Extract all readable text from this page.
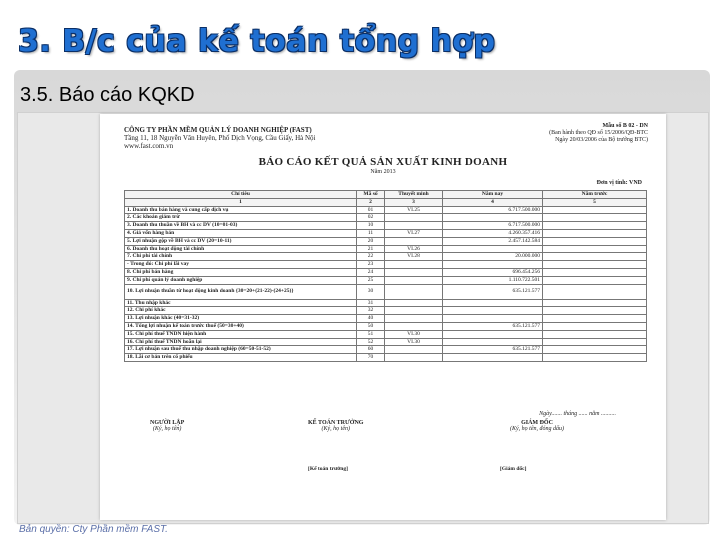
3. B/c của kế toán tổng hợp
3.5. Báo cáo KQKD
CÔNG TY PHẦN MỀM QUẢN LÝ DOANH NGHIỆP (FAST)
Tầng 11, 18 Nguyễn Văn Huyên, Phố Dịch Vọng, Cầu Giấy, Hà Nội
www.fast.com.vn
Mẫu số B 02 - DN
(Ban hành theo QĐ số 15/2006/QĐ-BTC
Ngày 20/03/2006 của Bộ trưởng BTC)
BÁO CÁO KẾT QUẢ SẢN XUẤT KINH DOANH
Năm 2013
Đơn vị tính: VND
Chỉ tiêu	Mã số	Thuyết minh	Năm nay	Năm trước
1	2	3	4	5
1. Doanh thu bán hàng và cung cấp dịch vụ	01	VI.25	6.717.500.000	
2. Các khoản giảm trừ	02			
3. Doanh thu thuần về BH và cc DV (10=01-03)	10		6.717.500.000	
4. Giá vốn hàng bán	11	VI.27	4.260.357.416	
5. Lợi nhuận gộp về BH và cc DV (20=10-11)	20		2.457.142.584	
6. Doanh thu hoạt động tài chính	21	VI.26		
7. Chi phí tài chính	22	VI.28	20.000.000	
- Trong đó: Chi phí lãi vay	23			
8. Chi phí bán hàng	24		696.454.256	
9. Chi phí quản lý doanh nghiệp	25		1.110.722.501	
10. Lợi nhuận thuần từ hoạt động kinh doanh {30=20+(21-22)-(24+25)}	30		635.121.577	
11. Thu nhập khác	31			
12. Chi phí khác	32			
13. Lợi nhuận khác (40=31-32)	40			
14. Tổng lợi nhuận kế toán trước thuế (50=30+40)	50		635.121.577	
15. Chi phí thuế TNDN hiện hành	51	VI.30		
16. Chi phí thuế TNDN hoãn lại	52	VI.30		
17. Lợi nhuận sau thuế thu nhập doanh nghiệp (60=50-51-52)	60		635.121.577	
18. Lãi cơ bản trên cổ phiếu	70			
Ngày....... tháng ...... năm ..........
NGƯỜI LẬP
(Ký, họ tên)
KẾ TOÁN TRƯỞNG
(Ký, họ tên)
GIÁM ĐỐC
(Ký, họ tên, đóng dấu)
[Kế toán trưởng]	[Giám đốc]
Bản quyền: Cty Phần mềm FAST.
